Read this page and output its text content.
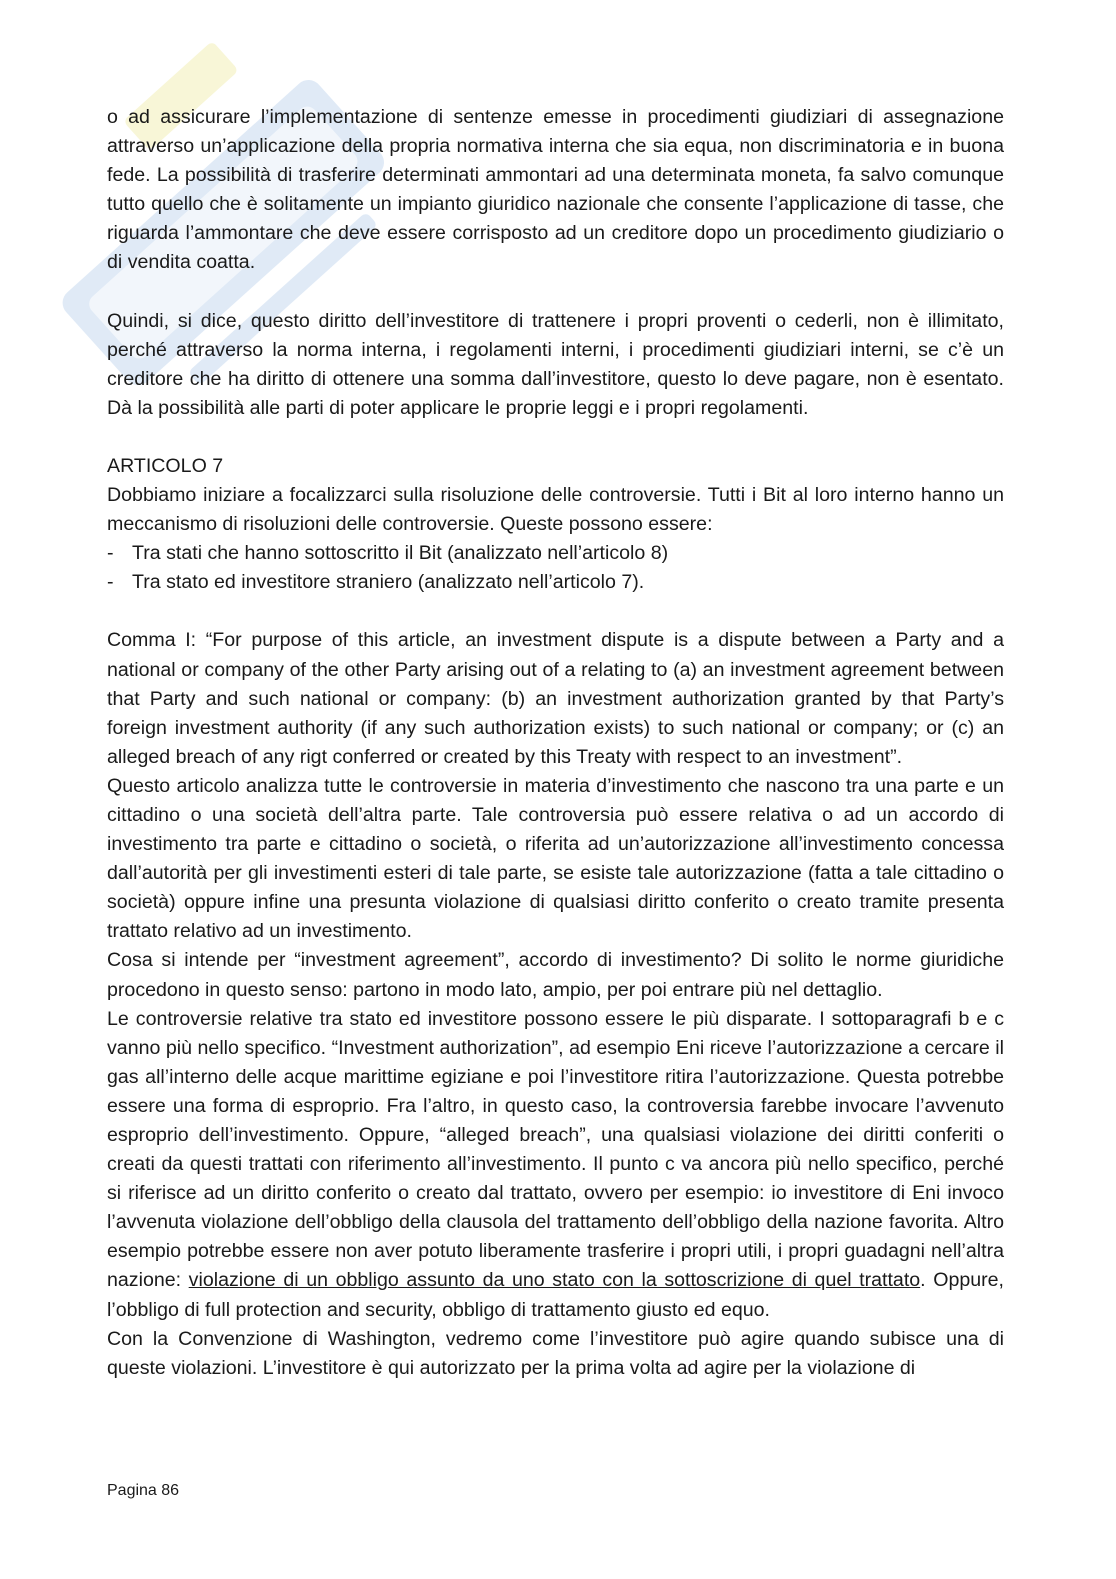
o ad assicurare l’implementazione di sentenze emesse in procedimenti giudiziari di assegnazione attraverso un’applicazione della propria normativa interna che sia equa, non discriminatoria e in buona fede. La possibilità di trasferire determinati ammontari ad una determinata moneta, fa salvo comunque tutto quello che è solitamente un impianto giuridico nazionale che consente l’applicazione di tasse, che riguarda l’ammontare che deve essere corrisposto ad un creditore dopo un procedimento giudiziario o di vendita coatta.

Quindi, si dice, questo diritto dell’investitore di trattenere i propri proventi o cederli, non è illimitato, perché attraverso la norma interna, i regolamenti interni, i procedimenti giudiziari interni, se c’è un creditore che ha diritto di ottenere una somma dall’investitore, questo lo deve pagare, non è esentato. Dà la possibilità alle parti di poter applicare le proprie leggi e i propri regolamenti.

ARTICOLO 7

Dobbiamo iniziare a focalizzarci sulla risoluzione delle controversie. Tutti i Bit al loro interno hanno un meccanismo di risoluzioni delle controversie. Queste possono essere:

- Tra stati che hanno sottoscritto il Bit (analizzato nell’articolo 8)
- Tra stato ed investitore straniero (analizzato nell’articolo 7).

Comma I: “For purpose of this article, an investment dispute is a dispute between a Party and a national or company of the other Party arising out of a relating to (a) an investment agreement between that Party and such national or company: (b) an investment authorization granted by that Party’s foreign investment authority (if any such authorization exists) to such national or company; or (c) an alleged breach of any rigt conferred or created by this Treaty with respect to an investment”.

Questo articolo analizza tutte le controversie in materia d’investimento che nascono tra una parte e un cittadino o una società dell’altra parte. Tale controversia può essere relativa o ad un accordo di investimento tra parte e cittadino o società, o riferita ad un’autorizzazione all’investimento concessa dall’autorità per gli investimenti esteri di tale parte, se esiste tale autorizzazione (fatta a tale cittadino o società) oppure infine una presunta violazione di qualsiasi diritto conferito o creato tramite presenta trattato relativo ad un investimento.

Cosa si intende per “investment agreement”, accordo di investimento? Di solito le norme giuridiche procedono in questo senso: partono in modo lato, ampio, per poi entrare più nel dettaglio.

Le controversie relative tra stato ed investitore possono essere le più disparate. I sottoparagrafi b e c vanno più nello specifico. “Investment authorization”, ad esempio Eni riceve l’autorizzazione a cercare il gas all’interno delle acque marittime egiziane e poi l’investitore ritira l’autorizzazione. Questa potrebbe essere una forma di esproprio. Fra l’altro, in questo caso, la controversia farebbe invocare l’avvenuto esproprio dell’investimento. Oppure, “alleged breach”, una qualsiasi violazione dei diritti conferiti o creati da questi trattati con riferimento all’investimento. Il punto c va ancora più nello specifico, perché si riferisce ad un diritto conferito o creato dal trattato, ovvero per esempio: io investitore di Eni invoco l’avvenuta violazione dell’obbligo della clausola del trattamento dell’obbligo della nazione favorita. Altro esempio potrebbe essere non aver potuto liberamente trasferire i propri utili, i propri guadagni nell’altra nazione: violazione di un obbligo assunto da uno stato con la sottoscrizione di quel trattato. Oppure, l’obbligo di full protection and security, obbligo di trattamento giusto ed equo.

Con la Convenzione di Washington, vedremo come l’investitore può agire quando subisce una di queste violazioni. L’investitore è qui autorizzato per la prima volta ad agire per la violazione di

Pagina 86
